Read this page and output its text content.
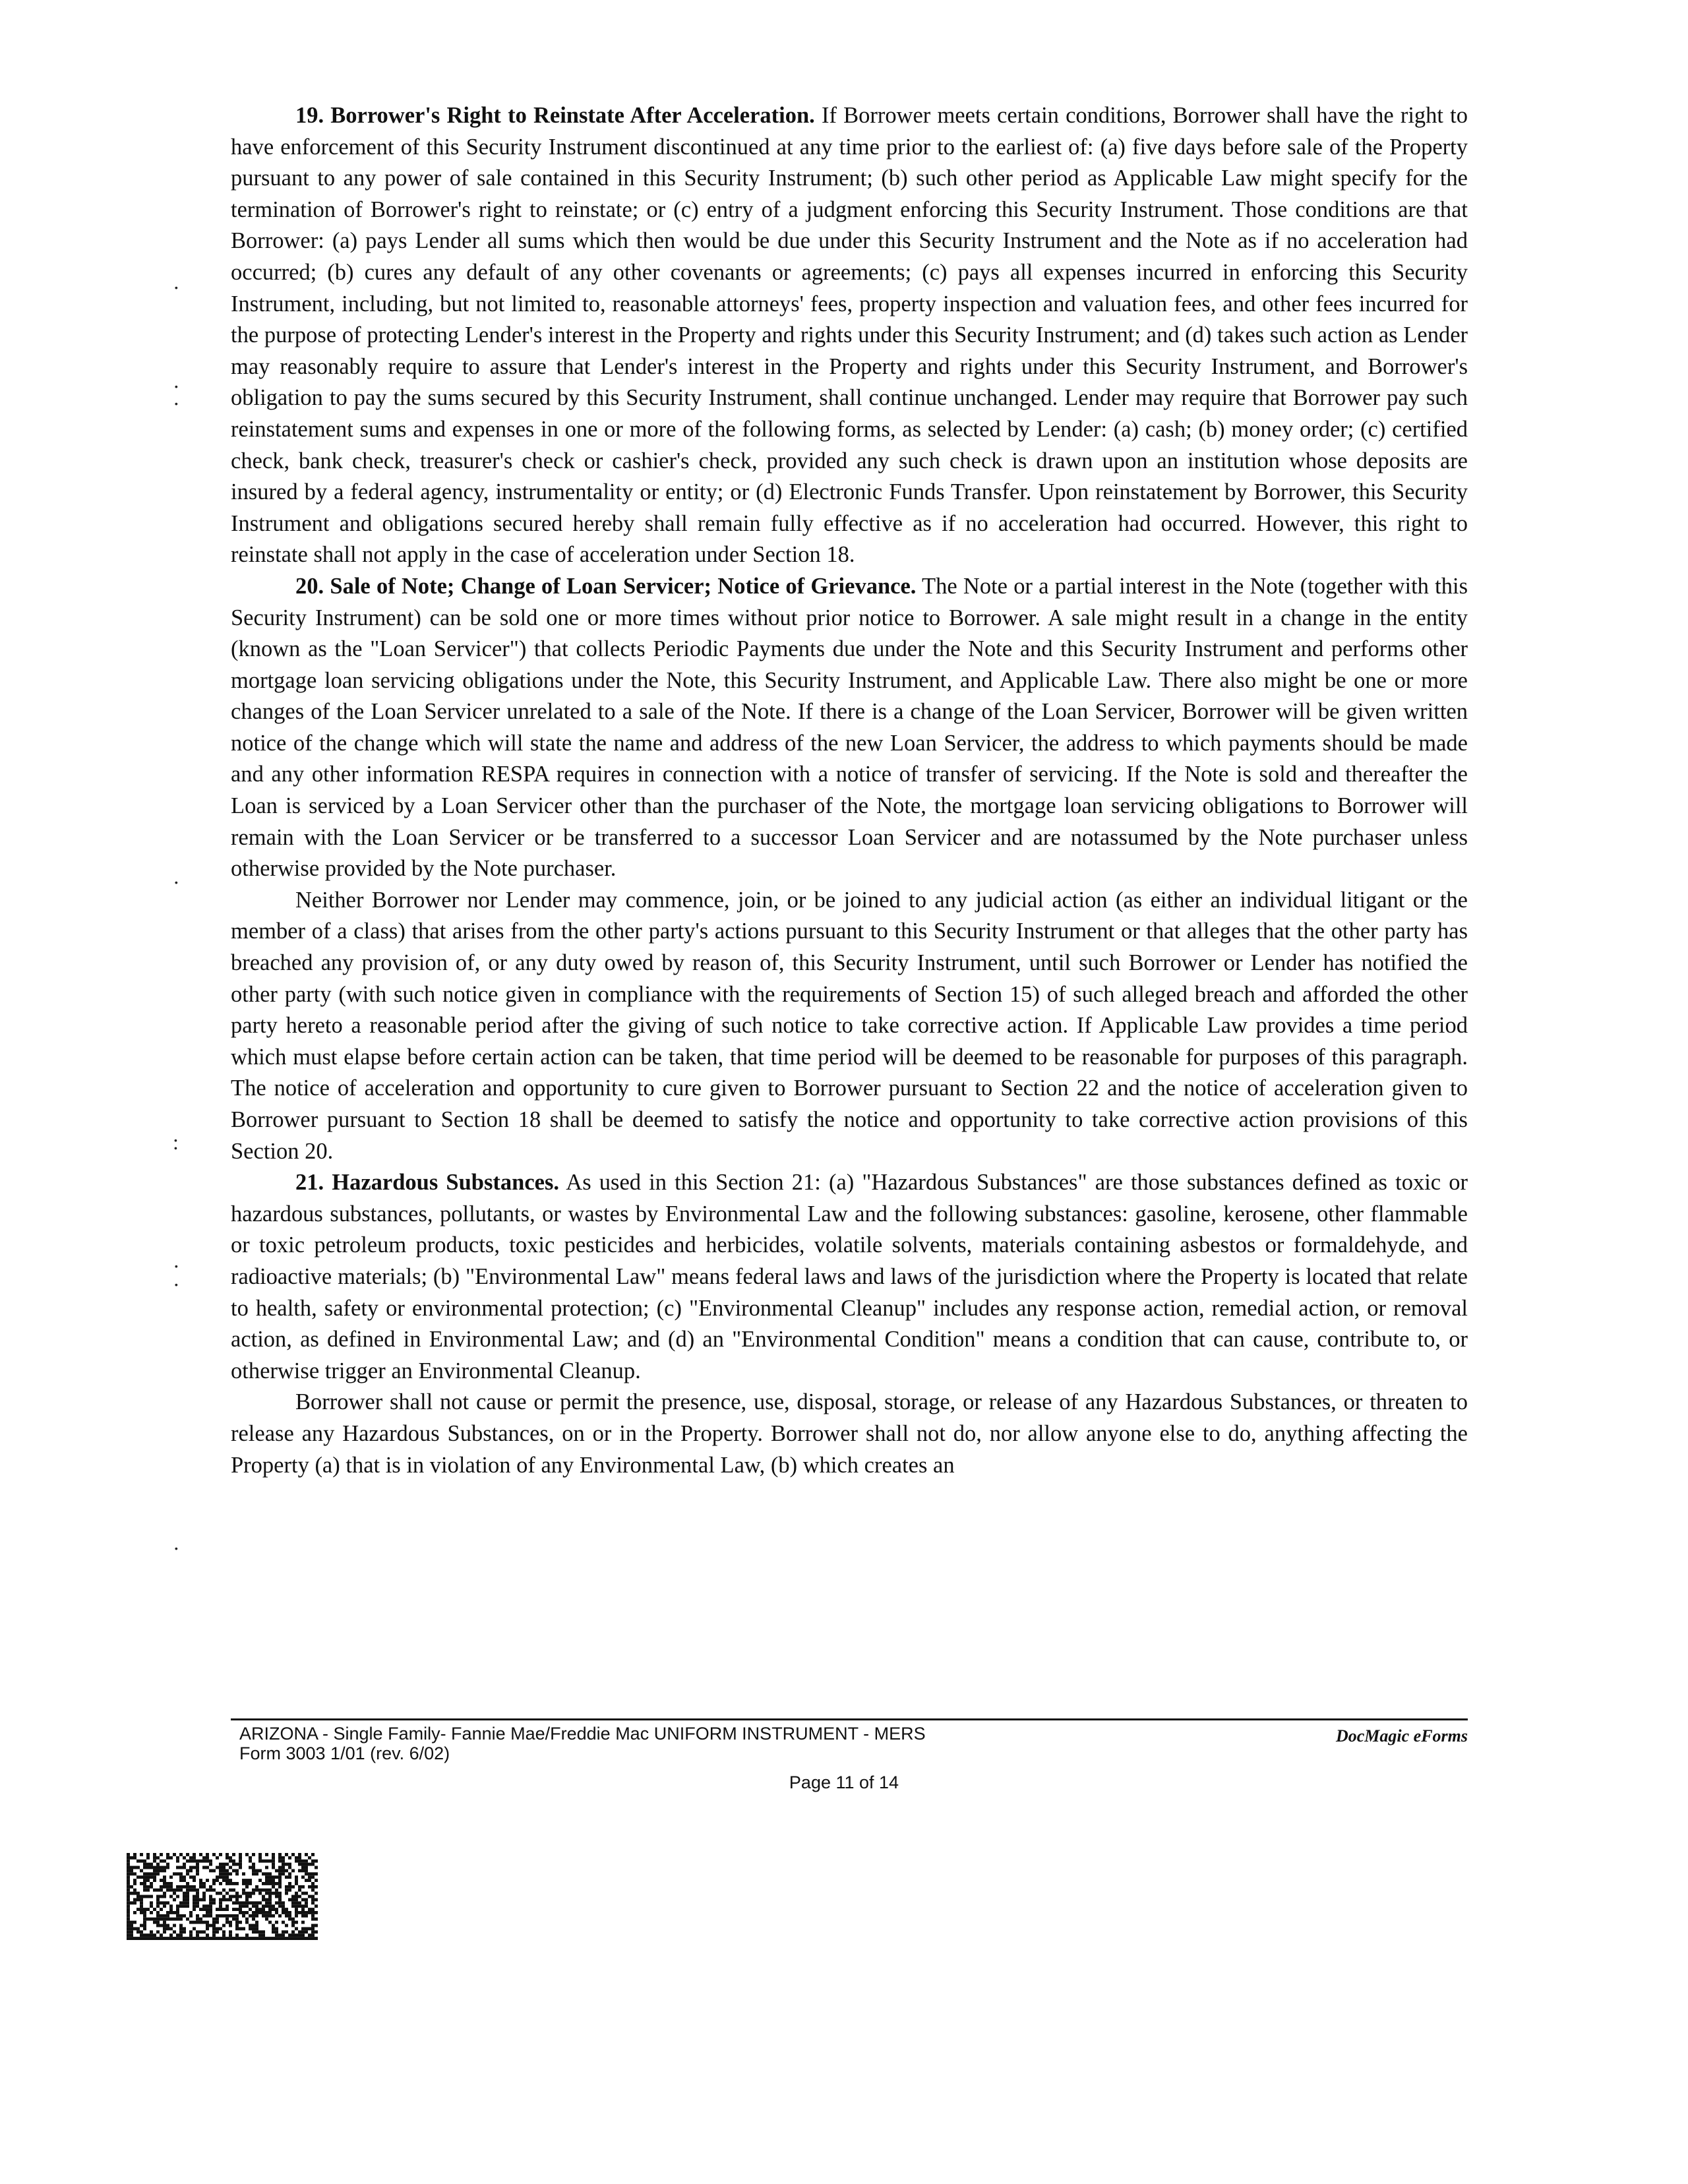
19. Borrower's Right to Reinstate After Acceleration. If Borrower meets certain conditions, Borrower shall have the right to have enforcement of this Security Instrument discontinued at any time prior to the earliest of: (a) five days before sale of the Property pursuant to any power of sale contained in this Security Instrument; (b) such other period as Applicable Law might specify for the termination of Borrower's right to reinstate; or (c) entry of a judgment enforcing this Security Instrument. Those conditions are that Borrower: (a) pays Lender all sums which then would be due under this Security Instrument and the Note as if no acceleration had occurred; (b) cures any default of any other covenants or agreements; (c) pays all expenses incurred in enforcing this Security Instrument, including, but not limited to, reasonable attorneys' fees, property inspection and valuation fees, and other fees incurred for the purpose of protecting Lender's interest in the Property and rights under this Security Instrument; and (d) takes such action as Lender may reasonably require to assure that Lender's interest in the Property and rights under this Security Instrument, and Borrower's obligation to pay the sums secured by this Security Instrument, shall continue unchanged. Lender may require that Borrower pay such reinstatement sums and expenses in one or more of the following forms, as selected by Lender: (a) cash; (b) money order; (c) certified check, bank check, treasurer's check or cashier's check, provided any such check is drawn upon an institution whose deposits are insured by a federal agency, instrumentality or entity; or (d) Electronic Funds Transfer. Upon reinstatement by Borrower, this Security Instrument and obligations secured hereby shall remain fully effective as if no acceleration had occurred. However, this right to reinstate shall not apply in the case of acceleration under Section 18.

20. Sale of Note; Change of Loan Servicer; Notice of Grievance. The Note or a partial interest in the Note (together with this Security Instrument) can be sold one or more times without prior notice to Borrower. A sale might result in a change in the entity (known as the "Loan Servicer") that collects Periodic Payments due under the Note and this Security Instrument and performs other mortgage loan servicing obligations under the Note, this Security Instrument, and Applicable Law. There also might be one or more changes of the Loan Servicer unrelated to a sale of the Note. If there is a change of the Loan Servicer, Borrower will be given written notice of the change which will state the name and address of the new Loan Servicer, the address to which payments should be made and any other information RESPA requires in connection with a notice of transfer of servicing. If the Note is sold and thereafter the Loan is serviced by a Loan Servicer other than the purchaser of the Note, the mortgage loan servicing obligations to Borrower will remain with the Loan Servicer or be transferred to a successor Loan Servicer and are notassumed by the Note purchaser unless otherwise provided by the Note purchaser.

Neither Borrower nor Lender may commence, join, or be joined to any judicial action (as either an individual litigant or the member of a class) that arises from the other party's actions pursuant to this Security Instrument or that alleges that the other party has breached any provision of, or any duty owed by reason of, this Security Instrument, until such Borrower or Lender has notified the other party (with such notice given in compliance with the requirements of Section 15) of such alleged breach and afforded the other party hereto a reasonable period after the giving of such notice to take corrective action. If Applicable Law provides a time period which must elapse before certain action can be taken, that time period will be deemed to be reasonable for purposes of this paragraph. The notice of acceleration and opportunity to cure given to Borrower pursuant to Section 22 and the notice of acceleration given to Borrower pursuant to Section 18 shall be deemed to satisfy the notice and opportunity to take corrective action provisions of this Section 20.

21. Hazardous Substances. As used in this Section 21: (a) "Hazardous Substances" are those substances defined as toxic or hazardous substances, pollutants, or wastes by Environmental Law and the following substances: gasoline, kerosene, other flammable or toxic petroleum products, toxic pesticides and herbicides, volatile solvents, materials containing asbestos or formaldehyde, and radioactive materials; (b) "Environmental Law" means federal laws and laws of the jurisdiction where the Property is located that relate to health, safety or environmental protection; (c) "Environmental Cleanup" includes any response action, remedial action, or removal action, as defined in Environmental Law; and (d) an "Environmental Condition" means a condition that can cause, contribute to, or otherwise trigger an Environmental Cleanup.

Borrower shall not cause or permit the presence, use, disposal, storage, or release of any Hazardous Substances, or threaten to release any Hazardous Substances, on or in the Property. Borrower shall not do, nor allow anyone else to do, anything affecting the Property (a) that is in violation of any Environmental Law, (b) which creates an

·
·
·
·
:
·
·
·
ARIZONA - Single Family- Fannie Mae/Freddie Mac UNIFORM INSTRUMENT - MERS
Form 3003 1/01 (rev. 6/02)
DocMagic eForms
Page 11 of 14
